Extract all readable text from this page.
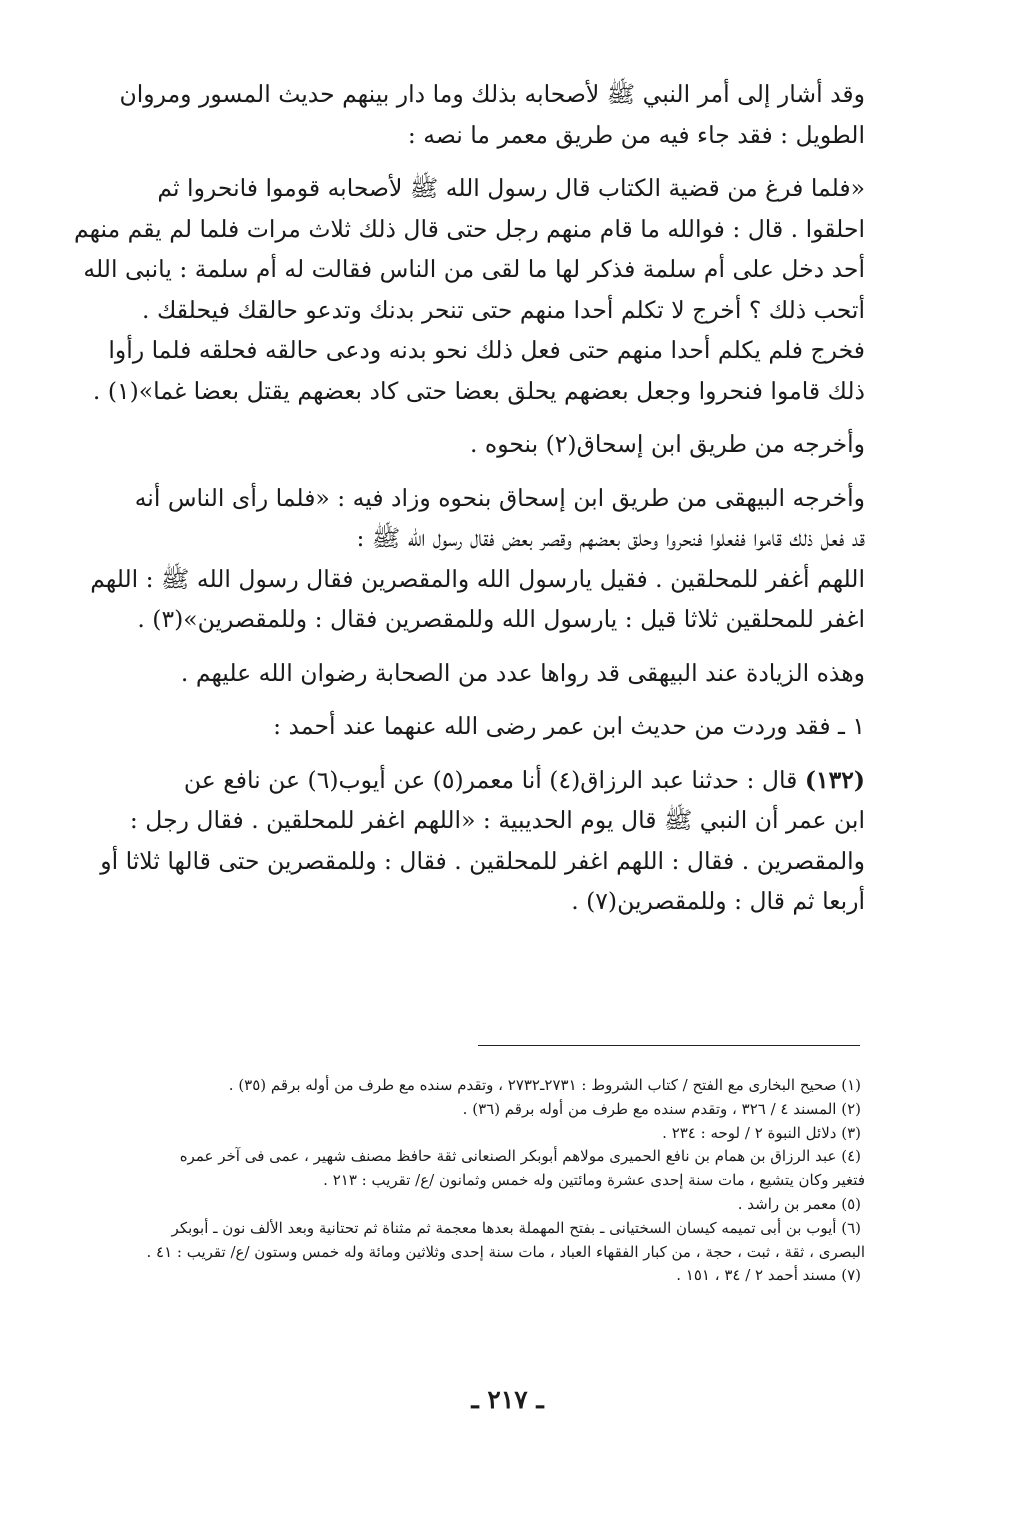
وقد أشار إلى أمر النبي ﷺ لأصحابه بذلك وما دار بينهم حديث المسور ومروان
الطويل : فقد جاء فيه من طريق معمر ما نصه :

«فلما فرغ من قضية الكتاب قال رسول الله ﷺ لأصحابه قوموا فانحروا ثم
احلقوا . قال : فوالله ما قام منهم رجل حتى قال ذلك ثلاث مرات فلما لم يقم منهم
أحد دخل على أم سلمة فذكر لها ما لقى من الناس فقالت له أم سلمة : يانبى الله
أتحب ذلك ؟ أخرج لا تكلم أحدا منهم حتى تنحر بدنك وتدعو حالقك فيحلقك .
فخرج فلم يكلم أحدا منهم حتى فعل ذلك نحو بدنه ودعى حالقه فحلقه فلما رأوا
ذلك قاموا فنحروا وجعل بعضهم يحلق بعضا حتى كاد بعضهم يقتل بعضا غما»(١) .

وأخرجه من طريق ابن إسحاق(٢) بنحوه .

وأخرجه البيهقى من طريق ابن إسحاق بنحوه وزاد فيه : «فلما رأى الناس أنه
قد فعل ذلك قاموا ففعلوا فنحروا وحلق بعضهم وقصر بعض فقال رسول الله ﷺ :
اللهم أغفر للمحلقين . فقيل يارسول الله والمقصرين فقال رسول الله ﷺ : اللهم
اغفر للمحلقين ثلاثا قيل : يارسول الله وللمقصرين فقال : وللمقصرين»(٣) .

وهذه الزيادة عند البيهقى قد رواها عدد من الصحابة رضوان الله عليهم .

١ ـ فقد وردت من حديث ابن عمر رضى الله عنهما عند أحمد :

(١٣٢) قال : حدثنا عبد الرزاق(٤) أنا معمر(٥) عن أيوب(٦) عن نافع عن
ابن عمر أن النبي ﷺ قال يوم الحديبية : «اللهم اغفر للمحلقين . فقال رجل :
والمقصرين . فقال : اللهم اغفر للمحلقين . فقال : وللمقصرين حتى قالها ثلاثا أو
أربعا ثم قال : وللمقصرين(٧) .

(١) صحيح البخارى مع الفتح / كتاب الشروط : ٢٧٣١ـ٢٧٣٢ ، وتقدم سنده مع طرف من أوله برقم (٣٥) .
(٢) المسند ٤ / ٣٢٦ ، وتقدم سنده مع طرف من أوله برقم (٣٦) .
(٣) دلائل النبوة ٢ / لوحه : ٢٣٤ .
(٤) عبد الرزاق بن همام بن نافع الحميرى مولاهم أبوبكر الصنعانى ثقة حافظ مصنف شهير ، عمى فى آخر عمره
فتغير وكان يتشيع ، مات سنة إحدى عشرة ومائتين وله خمس وثمانون /ع/ تقريب : ٢١٣ .
(٥) معمر بن راشد .
(٦) أيوب بن أبى تميمه كيسان السختيانى ـ بفتح المهملة بعدها معجمة ثم مثناة ثم تحتانية وبعد الألف نون ـ أبوبكر
البصرى ، ثقة ، ثبت ، حجة ، من كبار الفقهاء العباد ، مات سنة إحدى وثلاثين ومائة وله خمس وستون /ع/ تقريب : ٤١ .
(٧) مسند أحمد ٢ / ٣٤ ، ١٥١ .
ـ ٢١٧ ـ
